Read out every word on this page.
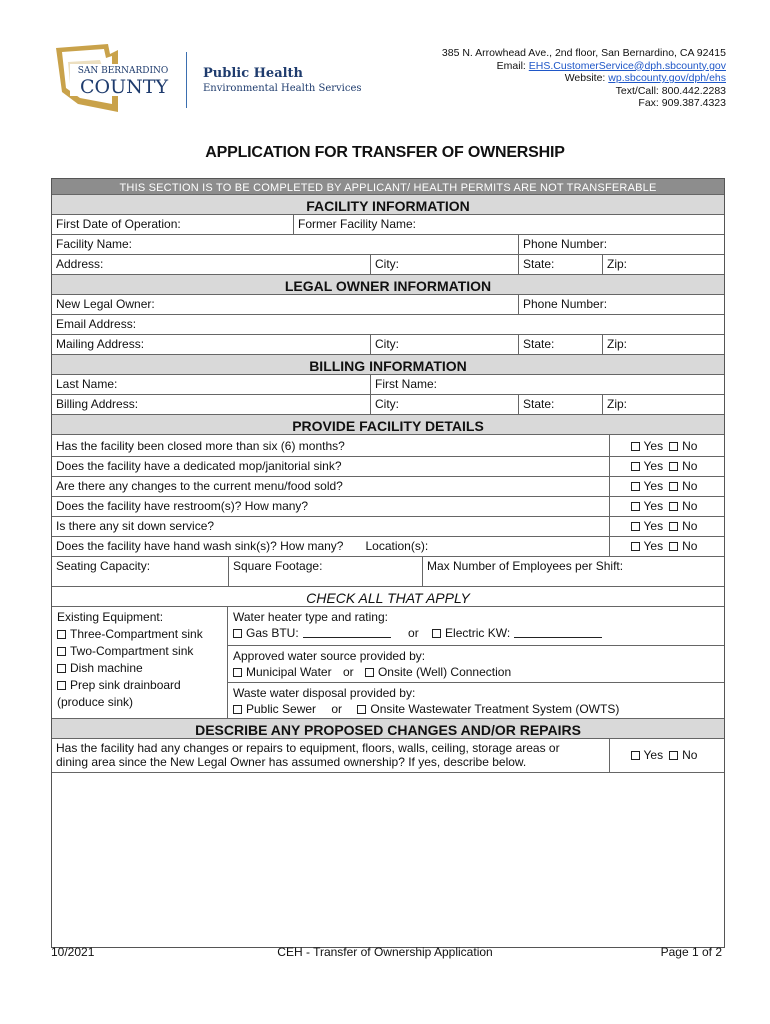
SAN BERNARDINO
COUNTY
Public Health
Environmental Health Services
385 N. Arrowhead Ave., 2nd floor, San Bernardino, CA 92415
Email: EHS.CustomerService@dph.sbcounty.gov
Website: wp.sbcounty.gov/dph/ehs
Text/Call: 800.442.2283
Fax: 909.387.4323
APPLICATION FOR TRANSFER OF OWNERSHIP
THIS SECTION IS TO BE COMPLETED BY APPLICANT/ HEALTH PERMITS ARE NOT TRANSFERABLE
FACILITY INFORMATION
First Date of Operation:	Former Facility Name:
Facility Name:	Phone Number:
Address:	City:	State:	Zip:
LEGAL OWNER INFORMATION
New Legal Owner:	Phone Number:
Email Address:
Mailing Address:	City:	State:	Zip:
BILLING INFORMATION
Last Name:	First Name:
Billing Address:	City:	State:	Zip:
PROVIDE FACILITY DETAILS
Has the facility been closed more than six (6) months?	Yes No
Does the facility have a dedicated mop/janitorial sink?	Yes No
Are there any changes to the current menu/food sold?	Yes No
Does the facility have restroom(s)? How many?	Yes No
Is there any sit down service?	Yes No
Does the facility have hand wash sink(s)? How many? Location(s):	Yes No
Seating Capacity:	Square Footage:	Max Number of Employees per Shift:
CHECK ALL THAT APPLY
Existing Equipment:
Three-Compartment sink
Two-Compartment sink
Dish machine
Prep sink drainboard
(produce sink)
Water heater type and rating:
Gas BTU:	or Electric KW:
Approved water source provided by:
Municipal Water or Onsite (Well) Connection
Waste water disposal provided by:
Public Sewer or Onsite Wastewater Treatment System (OWTS)
DESCRIBE ANY PROPOSED CHANGES AND/OR REPAIRS
Has the facility had any changes or repairs to equipment, floors, walls, ceiling, storage areas or
dining area since the New Legal Owner has assumed ownership? If yes, describe below.	Yes No
10/2021	CEH - Transfer of Ownership Application	Page 1 of 2
